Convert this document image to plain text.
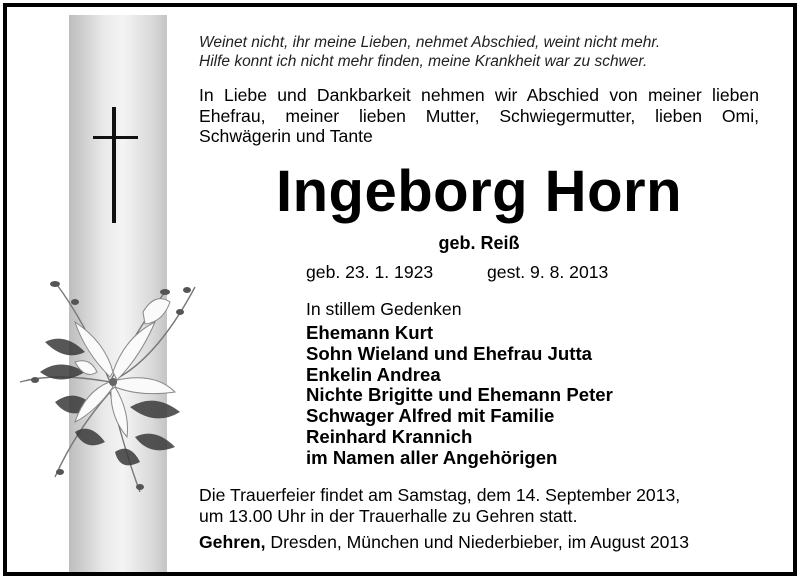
Weinet nicht, ihr meine Lieben, nehmet Abschied, weint nicht mehr.
Hilfe konnt ich nicht mehr finden, meine Krankheit war zu schwer.
In Liebe und Dankbarkeit nehmen wir Abschied von meiner lieben Ehefrau, meiner lieben Mutter, Schwiegermutter, lieben Omi, Schwägerin und Tante
Ingeborg Horn
geb. Reiß
geb. 23. 1. 1923	gest. 9. 8. 2013
In stillem Gedenken
Ehemann Kurt
Sohn Wieland und Ehefrau Jutta
Enkelin Andrea
Nichte Brigitte und Ehemann Peter
Schwager Alfred mit Familie
Reinhard Krannich
im Namen aller Angehörigen
Die Trauerfeier findet am Samstag, dem 14. September 2013,
um 13.00 Uhr in der Trauerhalle zu Gehren statt.
Gehren, Dresden, München und Niederbieber, im August 2013
